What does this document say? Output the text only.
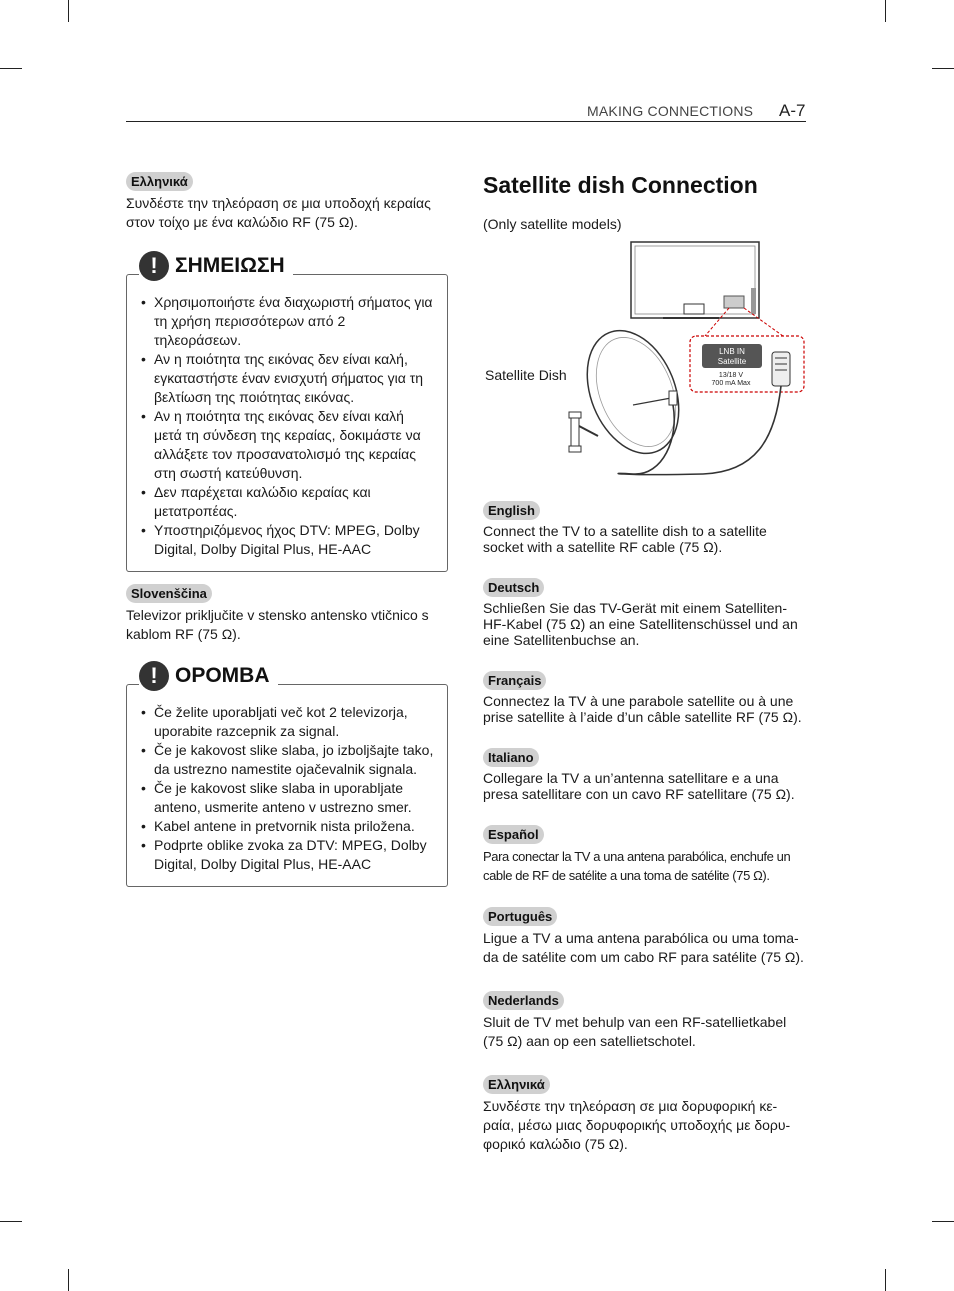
MAKING CONNECTIONS A-7
Ελληνικά
Συνδέστε την τηλεόραση σε μια υποδοχή κεραίας στον τοίχο με ένα καλώδιο RF (75 Ω).
! ΣΗΜΕΙΩΣΗ
• Χρησιμοποιήστε ένα διαχωριστή σήματος για τη χρήση περισσότερων από 2 τηλεοράσεων.
• Αν η ποιότητα της εικόνας δεν είναι καλή, εγκαταστήστε έναν ενισχυτή σήματος για τη βελτίωση της ποιότητας εικόνας.
• Αν η ποιότητα της εικόνας δεν είναι καλή μετά τη σύνδεση της κεραίας, δοκιμάστε να αλλάξετε τον προσανατολισμό της κεραίας στη σωστή κατεύθυνση.
• Δεν παρέχεται καλώδιο κεραίας και μετατροπέας.
• Υποστηριζόμενος ήχος DTV: MPEG, Dolby Digital, Dolby Digital Plus, HE-AAC
Slovenščina
Televizor priključite v stensko antensko vtičnico s kablom RF (75 Ω).
! OPOMBA
• Če želite uporabljati več kot 2 televizorja, uporabite razcepnik za signal.
• Če je kakovost slike slaba, jo izboljšajte tako, da ustrezno namestite ojačevalnik signala.
• Če je kakovost slike slaba in uporabljate anteno, usmerite anteno v ustrezno smer.
• Kabel antene in pretvornik nista priložena.
• Podprte oblike zvoka za DTV: MPEG, Dolby Digital, Dolby Digital Plus, HE-AAC
Satellite dish Connection
(Only satellite models)
LNB IN
Satellite
13/18 V
700 mA Max
Satellite Dish
English
Connect the TV to a satellite dish to a satellite socket with a satellite RF cable (75 Ω).
Deutsch
Schließen Sie das TV-Gerät mit einem Satelliten-HF-Kabel (75 Ω) an eine Satellitenschüssel und an eine Satellitenbuchse an.
Français
Connectez la TV à une parabole satellite ou à une prise satellite à l’aide d’un câble satellite RF (75 Ω).
Italiano
Collegare la TV a un’antenna satellitare e a una presa satellitare con un cavo RF satellitare (75 Ω).
Español
Para conectar la TV a una antena parabólica, enchufe un cable de RF de satélite a una toma de satélite (75 Ω).
Português
Ligue a TV a uma antena parabólica ou uma toma-da de satélite com um cabo RF para satélite (75 Ω).
Nederlands
Sluit de TV met behulp van een RF-satellietkabel (75 Ω) aan op een satellietschotel.
Ελληνικά
Συνδέστε την τηλεόραση σε μια δορυφορική κε-ραία, μέσω μιας δορυφορικής υποδοχής με δορυ-φορικό καλώδιο (75 Ω).
